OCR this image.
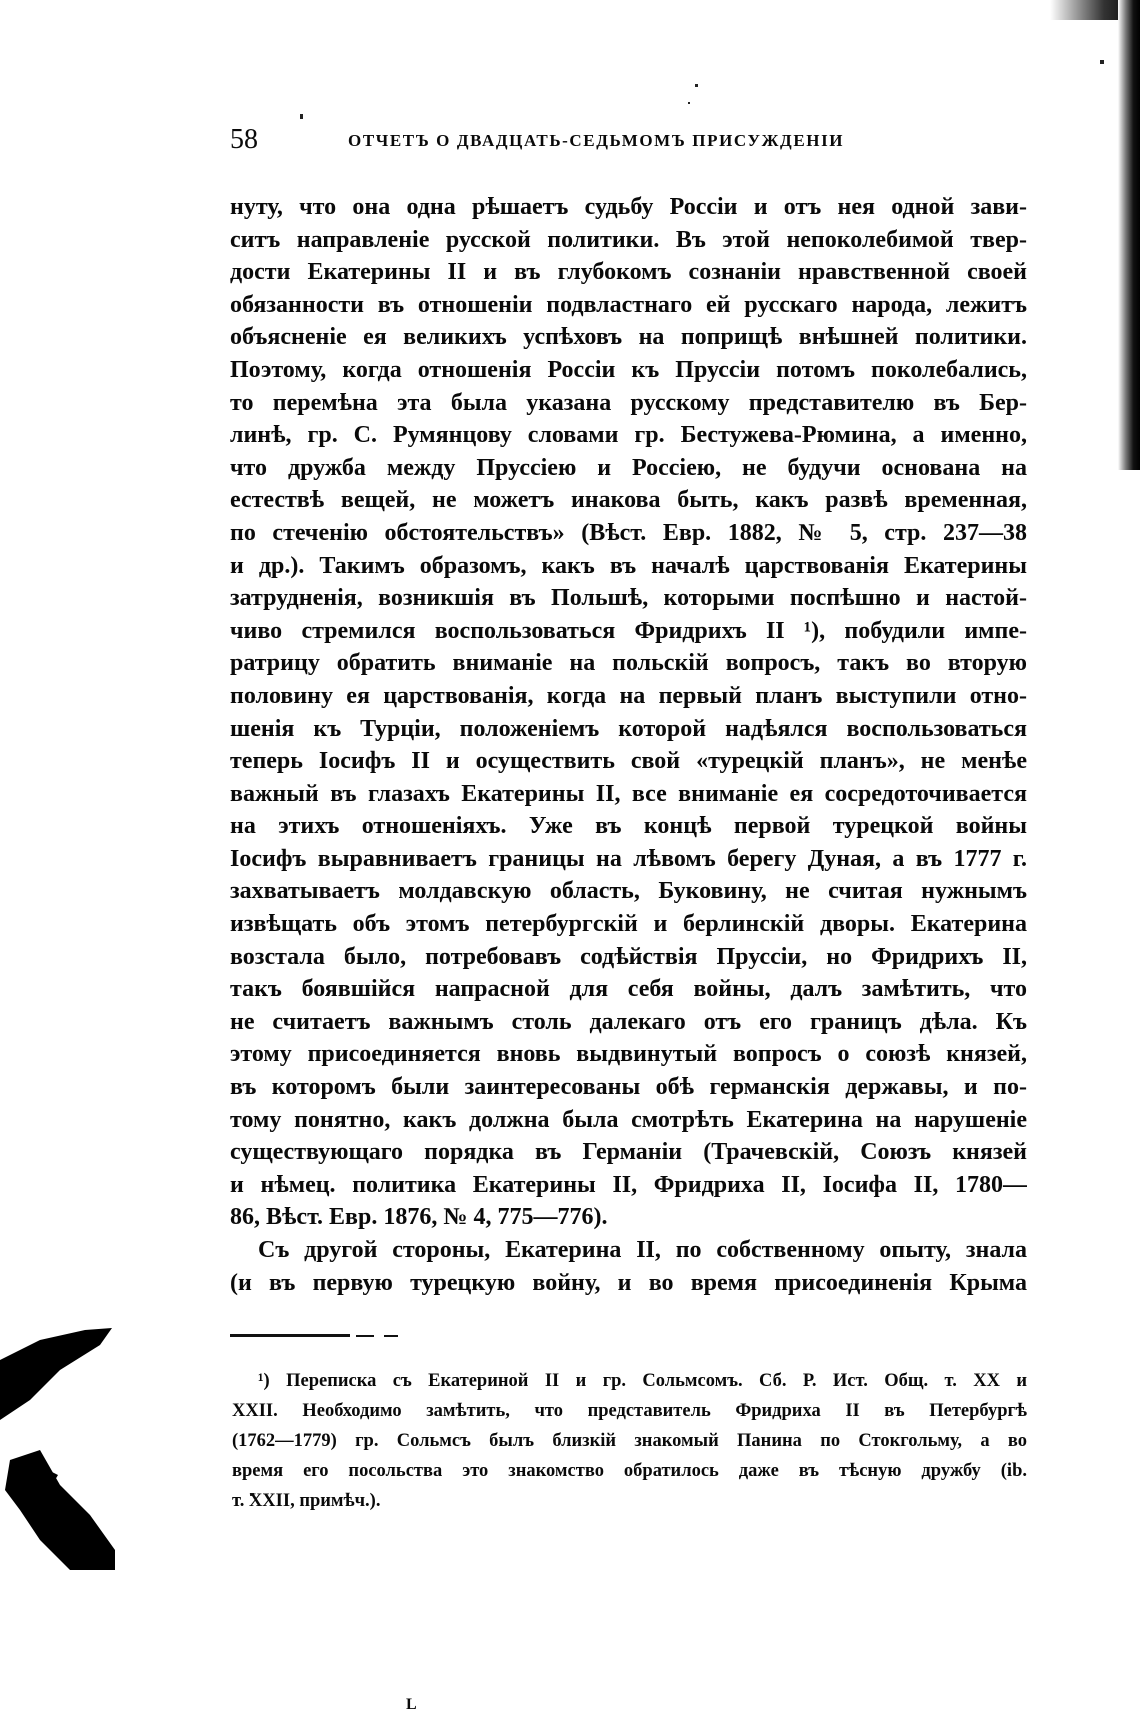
58	ОТЧЕТЪ О ДВАДЦАТЬ-СЕДЬМОМЪ ПРИСУЖДЕНІИ
нуту, что она одна рѣшаетъ судьбу Россіи и отъ нея одной зави-
ситъ направленіе русской политики. Въ этой непоколебимой твер-
дости Екатерины II и въ глубокомъ сознаніи нравственной своей
обязанности въ отношеніи подвластнаго ей русскаго народа, лежитъ
объясненіе ея великихъ успѣховъ на поприщѣ внѣшней политики.
Поэтому, когда отношенія Россіи къ Пруссіи потомъ поколебались,
то перемѣна эта была указана русскому представителю въ Бер-
линѣ, гр. С. Румянцову словами гр. Бестужева-Рюмина, а именно,
что дружба между Пруссіею и Россіею, не будучи основана на
естествѣ вещей, не можетъ инакова быть, какъ развѣ временная,
по стеченію обстоятельствъ» (Вѣст. Евр. 1882, № 5, стр. 237—38
и др.). Такимъ образомъ, какъ въ началѣ царствованія Екатерины
затрудненія, возникшія въ Польшѣ, которыми поспѣшно и настой-
чиво стремился воспользоваться Фридрихъ II ¹), побудили импе-
ратрицу обратить вниманіе на польскій вопросъ, такъ во вторую
половину ея царствованія, когда на первый планъ выступили отно-
шенія къ Турціи, положеніемъ которой надѣялся воспользоваться
теперь Іосифъ II и осуществить свой «турецкій планъ», не менѣе
важный въ глазахъ Екатерины II, все вниманіе ея сосредоточивается
на этихъ отношеніяхъ. Уже въ концѣ первой турецкой войны
Іосифъ выравниваетъ границы на лѣвомъ берегу Дуная, а въ 1777 г.
захватываетъ молдавскую область, Буковину, не считая нужнымъ
извѣщать объ этомъ петербургскій и берлинскій дворы. Екатерина
возстала было, потребовавъ содѣйствія Пруссіи, но Фридрихъ II,
такъ боявшійся напрасной для себя войны, далъ замѣтить, что
не считаетъ важнымъ столь далекаго отъ его границъ дѣла. Къ
этому присоединяется вновь выдвинутый вопросъ о союзѣ князей,
въ которомъ были заинтересованы обѣ германскія державы, и по-
тому понятно, какъ должна была смотрѣть Екатерина на нарушеніе
существующаго порядка въ Германіи (Трачевскій, Союзъ князей
и нѣмец. политика Екатерины II, Фридриха II, Іосифа II, 1780—
86, Вѣст. Евр. 1876, № 4, 775—776).
Съ другой стороны, Екатерина II, по собственному опыту, знала
(и въ первую турецкую войну, и во время присоединенія Крыма
¹) Переписка съ Екатериной II и гр. Сольмсомъ. Сб. Р. Ист. Общ. т. XX и
XXII. Необходимо замѣтить, что представитель Фридриха II въ Петербургѣ
(1762—1779) гр. Сольмсъ былъ близкій знакомый Панина по Стокгольму, а во
время его посольства это знакомство обратилось даже въ тѣсную дружбу (ib.
т. XXII, примѣч.).
L
